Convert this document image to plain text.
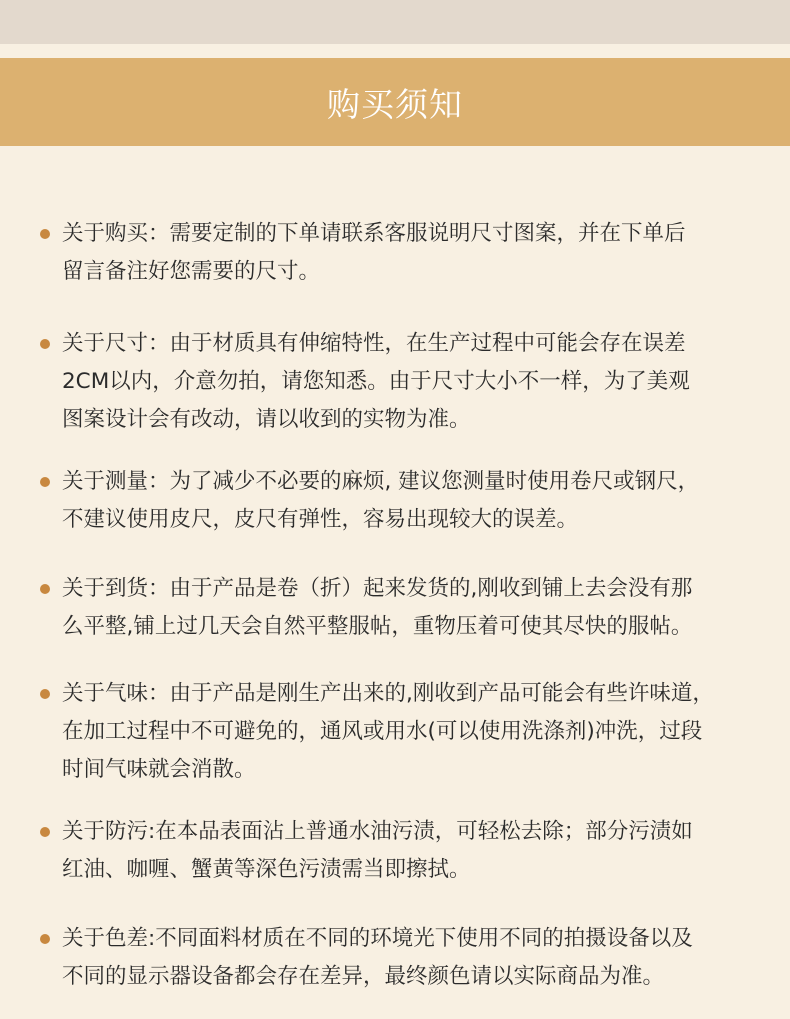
购买须知
关于购买：需要定制的下单请联系客服说明尺寸图案，并在下单后
留言备注好您需要的尺寸。
关于尺寸：由于材质具有伸缩特性，在生产过程中可能会存在误差
2CM以内，介意勿拍，请您知悉。由于尺寸大小不一样，为了美观
图案设计会有改动，请以收到的实物为准。
关于测量：为了减少不必要的麻烦, 建议您测量时使用卷尺或钢尺，
不建议使用皮尺，皮尺有弹性，容易出现较大的误差。
关于到货：由于产品是卷（折）起来发货的,刚收到铺上去会没有那
么平整,铺上过几天会自然平整服帖，重物压着可使其尽快的服帖。
关于气味：由于产品是刚生产出来的,刚收到产品可能会有些许味道，
在加工过程中不可避免的，通风或用水(可以使用洗涤剂)冲洗，过段
时间气味就会消散。
关于防污:在本品表面沾上普通水油污渍，可轻松去除；部分污渍如
红油、咖喱、蟹黄等深色污渍需当即擦拭。
关于色差:不同面料材质在不同的环境光下使用不同的拍摄设备以及
不同的显示器设备都会存在差异，最终颜色请以实际商品为准。
